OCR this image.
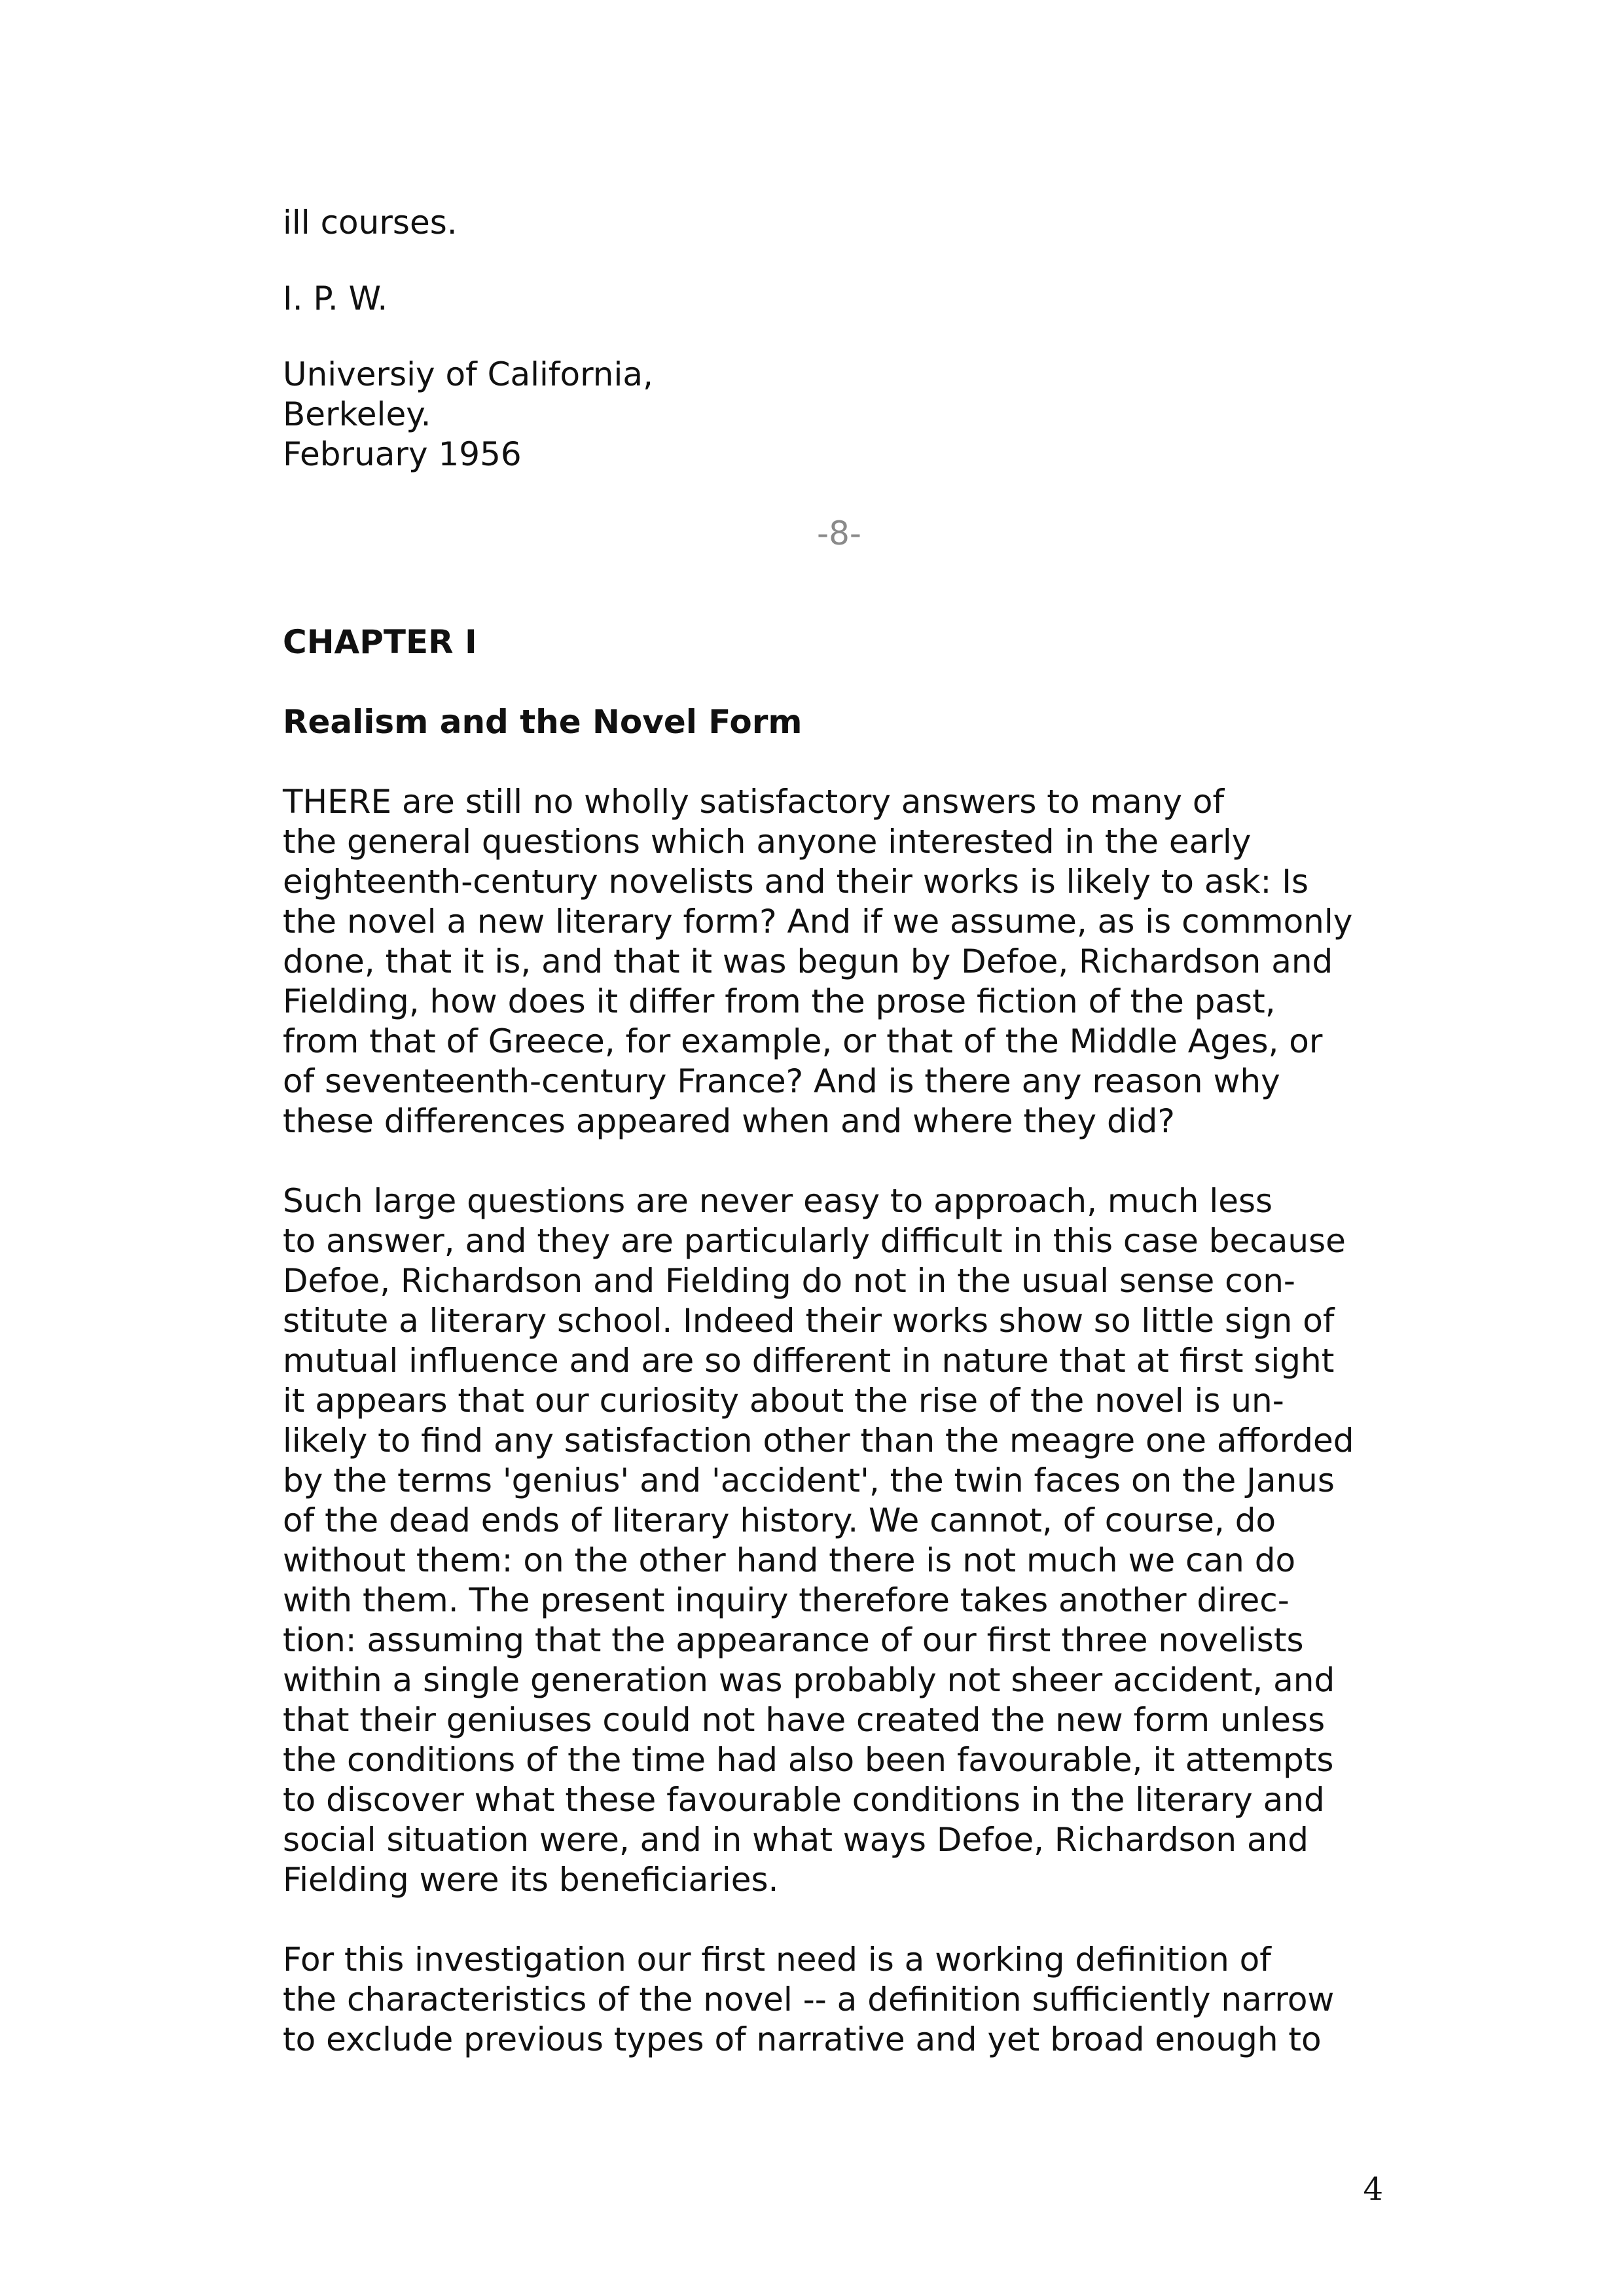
ill courses.

I. P. W.

Universiy of California,
Berkeley.
February 1956

-8-

CHAPTER I
Realism and the Novel Form

THERE are still no wholly satisfactory answers to many of
the general questions which anyone interested in the early
eighteenth-century novelists and their works is likely to ask: Is
the novel a new literary form? And if we assume, as is commonly
done, that it is, and that it was begun by Defoe, Richardson and
Fielding, how does it differ from the prose fiction of the past,
from that of Greece, for example, or that of the Middle Ages, or
of seventeenth-century France? And is there any reason why
these differences appeared when and where they did?

Such large questions are never easy to approach, much less
to answer, and they are particularly difficult in this case because
Defoe, Richardson and Fielding do not in the usual sense con-
stitute a literary school. Indeed their works show so little sign of
mutual influence and are so different in nature that at first sight
it appears that our curiosity about the rise of the novel is un-
likely to find any satisfaction other than the meagre one afforded
by the terms 'genius' and 'accident', the twin faces on the Janus
of the dead ends of literary history. We cannot, of course, do
without them: on the other hand there is not much we can do
with them. The present inquiry therefore takes another direc-
tion: assuming that the appearance of our first three novelists
within a single generation was probably not sheer accident, and
that their geniuses could not have created the new form unless
the conditions of the time had also been favourable, it attempts
to discover what these favourable conditions in the literary and
social situation were, and in what ways Defoe, Richardson and
Fielding were its beneficiaries.

For this investigation our first need is a working definition of
the characteristics of the novel -- a definition sufficiently narrow
to exclude previous types of narrative and yet broad enough to

4
